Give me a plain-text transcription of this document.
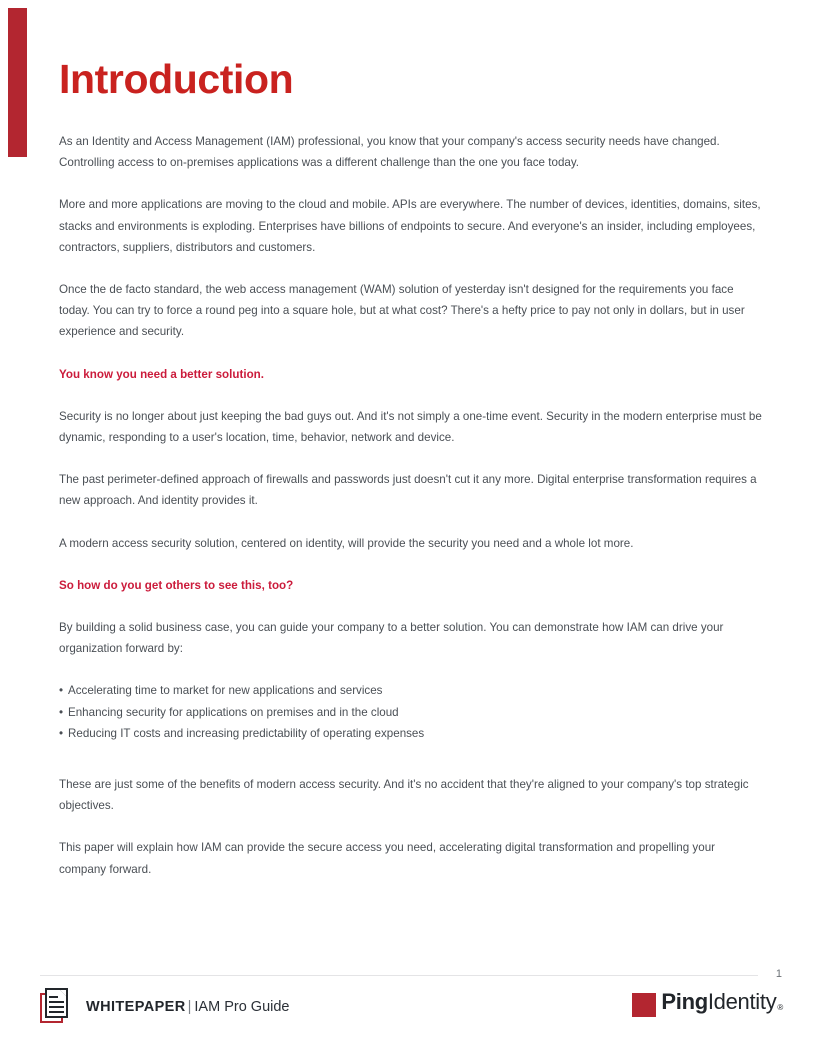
Introduction

As an Identity and Access Management (IAM) professional, you know that your company's access security needs have changed. Controlling access to on-premises applications was a different challenge than the one you face today.

More and more applications are moving to the cloud and mobile. APIs are everywhere. The number of devices, identities, domains, sites, stacks and environments is exploding. Enterprises have billions of endpoints to secure. And everyone's an insider, including employees, contractors, suppliers, distributors and customers.

Once the de facto standard, the web access management (WAM) solution of yesterday isn't designed for the requirements you face today. You can try to force a round peg into a square hole, but at what cost? There's a hefty price to pay not only in dollars, but in user experience and security.

You know you need a better solution.

Security is no longer about just keeping the bad guys out. And it's not simply a one-time event. Security in the modern enterprise must be dynamic, responding to a user's location, time, behavior, network and device.

The past perimeter-defined approach of firewalls and passwords just doesn't cut it any more. Digital enterprise transformation requires a new approach. And identity provides it.

A modern access security solution, centered on identity, will provide the security you need and a whole lot more.

So how do you get others to see this, too?

By building a solid business case, you can guide your company to a better solution. You can demonstrate how IAM can drive your organization forward by:

• Accelerating time to market for new applications and services
• Enhancing security for applications on premises and in the cloud
• Reducing IT costs and increasing predictability of operating expenses

These are just some of the benefits of modern access security. And it's no accident that they're aligned to your company's top strategic objectives.

This paper will explain how IAM can provide the secure access you need, accelerating digital transformation and propelling your company forward.

1
WHITEPAPER | IAM Pro Guide	PingIdentity®
